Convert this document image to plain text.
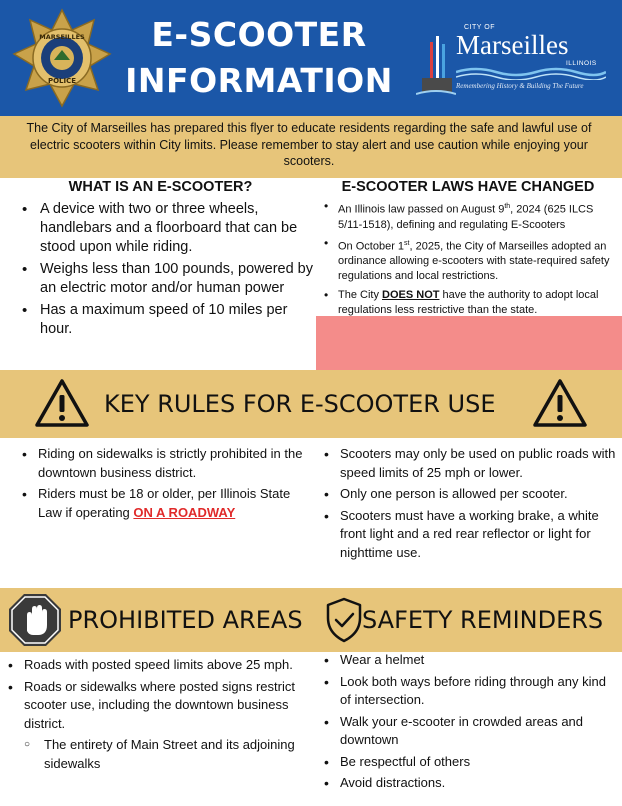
MARSEILLES
POLICE
E-SCOOTER
INFORMATION
CITY OF
Marseilles
ILLINOIS
Remembering History & Building The Future
The City of Marseilles has prepared this flyer to educate residents regarding the safe and lawful use of electric scooters within City limits. Please remember to stay alert and use caution while enjoying your scooters.
WHAT IS AN E-SCOOTER?
• A device with two or three wheels, handlebars and a floorboard that can be stood upon while riding.
• Weighs less than 100 pounds, powered by an electric motor and/or human power
• Has a maximum speed of 10 miles per hour.
E-SCOOTER LAWS HAVE CHANGED
• An Illinois law passed on August 9th, 2024 (625 ILCS 5/11-1518), defining and regulating E-Scooters
• On October 1st, 2025, the City of Marseilles adopted an ordinance allowing e-scooters with state-required safety regulations and local restrictions.
• The City DOES NOT have the authority to adopt local regulations less restrictive than the state.
KEY RULES FOR E-SCOOTER USE
• Riding on sidewalks is strictly prohibited in the downtown business district.
• Riders must be 18 or older, per Illinois State Law if operating ON A ROADWAY
• Scooters may only be used on public roads with speed limits of 25 mph or lower.
• Only one person is allowed per scooter.
• Scooters must have a working brake, a white front light and a red rear reflector or light for nighttime use.
PROHIBITED AREAS SAFETY REMINDERS
• Roads with posted speed limits above 25 mph.
• Roads or sidewalks where posted signs restrict scooter use, including the downtown business district.
○ The entirety of Main Street and its adjoining sidewalks
• Wear a helmet
• Look both ways before riding through any kind of intersection.
• Walk your e-scooter in crowded areas and downtown
• Be respectful of others
• Avoid distractions.
